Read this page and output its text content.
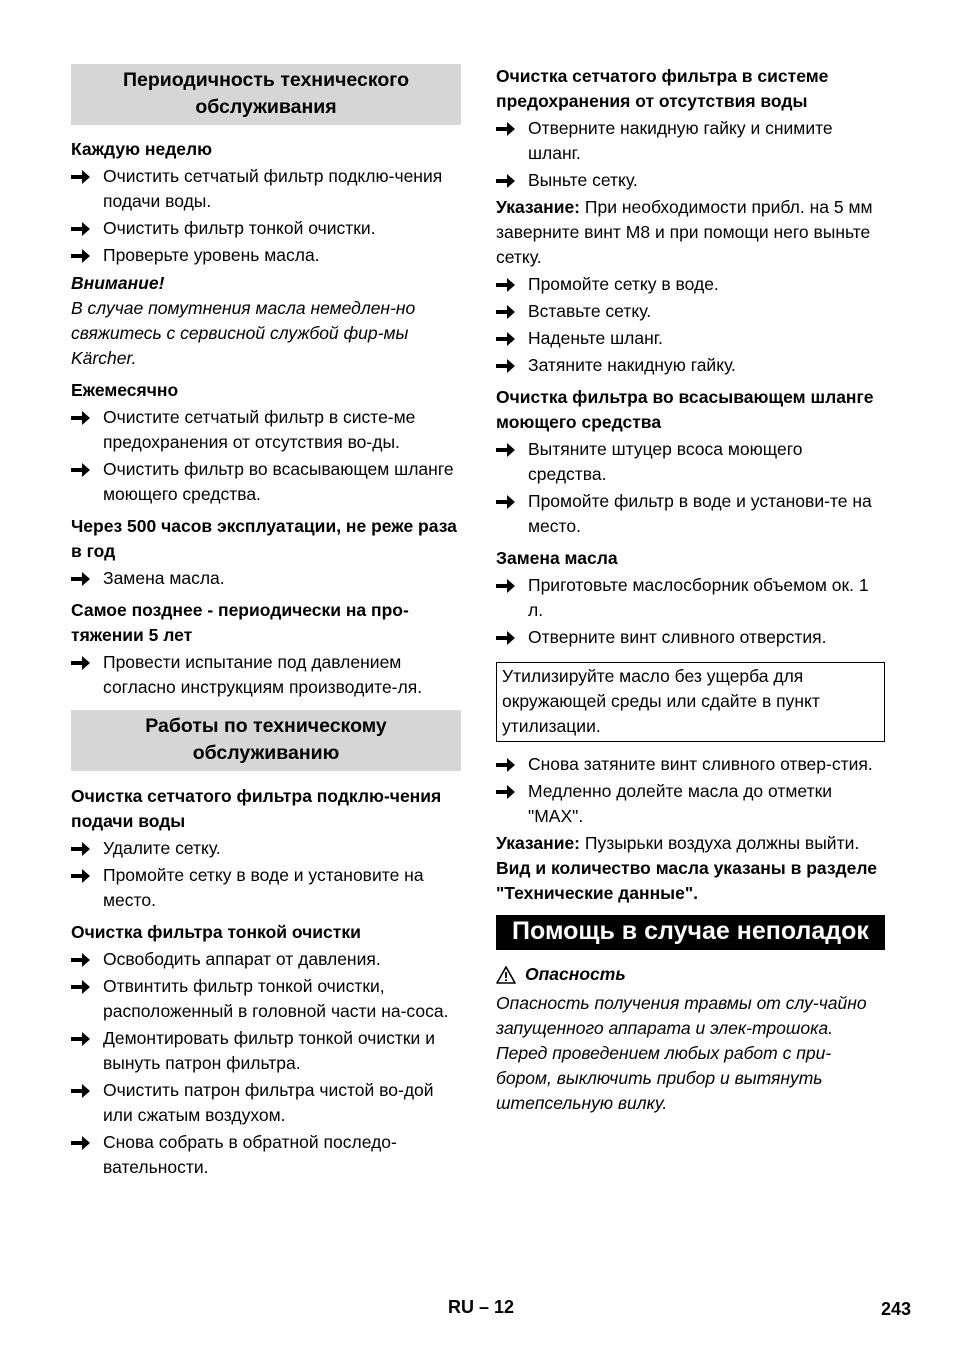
Периодичность технического обслуживания
Каждую неделю
Очистить сетчатый фильтр подклю-чения подачи воды.
Очистить фильтр тонкой очистки.
Проверьте уровень масла.
Внимание!
В случае помутнения масла немедлен-но свяжитесь с сервисной службой фир-мы Kärcher.
Ежемесячно
Очистите сетчатый фильтр в систе-ме предохранения от отсутствия во-ды.
Очистить фильтр во всасывающем шланге моющего средства.
Через 500 часов эксплуатации, не реже раза в год
Замена масла.
Самое позднее - периодически на про-тяжении 5 лет
Провести испытание под давлением согласно инструкциям производите-ля.
Работы по техническому обслуживанию
Очистка сетчатого фильтра подклю-чения подачи воды
Удалите сетку.
Промойте сетку в воде и установите на место.
Очистка фильтра тонкой очистки
Освободить аппарат от давления.
Отвинтить фильтр тонкой очистки, расположенный в головной части на-соса.
Демонтировать фильтр тонкой очистки и вынуть патрон фильтра.
Очистить патрон фильтра чистой во-дой или сжатым воздухом.
Снова собрать в обратной последо-вательности.
Очистка сетчатого фильтра в системе предохранения от отсутствия воды
Отверните накидную гайку и снимите шланг.
Выньте сетку.
Указание: При необходимости прибл. на 5 мм заверните винт M8 и при помощи него выньте сетку.
Промойте сетку в воде.
Вставьте сетку.
Наденьте шланг.
Затяните накидную гайку.
Очистка фильтра во всасывающем шланге моющего средства
Вытяните штуцер всоса моющего средства.
Промойте фильтр в воде и установи-те на место.
Замена масла
Приготовьте маслосборник объемом ок. 1 л.
Отверните винт сливного отверстия.
Утилизируйте масло без ущерба для окружающей среды или сдайте в пункт утилизации.
Снова затяните винт сливного отвер-стия.
Медленно долейте масла до отметки "MAX".
Указание: Пузырьки воздуха должны выйти.
Вид и количество масла указаны в разделе "Технические данные".
Помощь в случае неполадок
Опасность
Опасность получения травмы от слу-чайно запущенного аппарата и элек-трошока.
Перед проведением любых работ с при-бором, выключить прибор и вытянуть штепсельную вилку.
RU – 12	243
